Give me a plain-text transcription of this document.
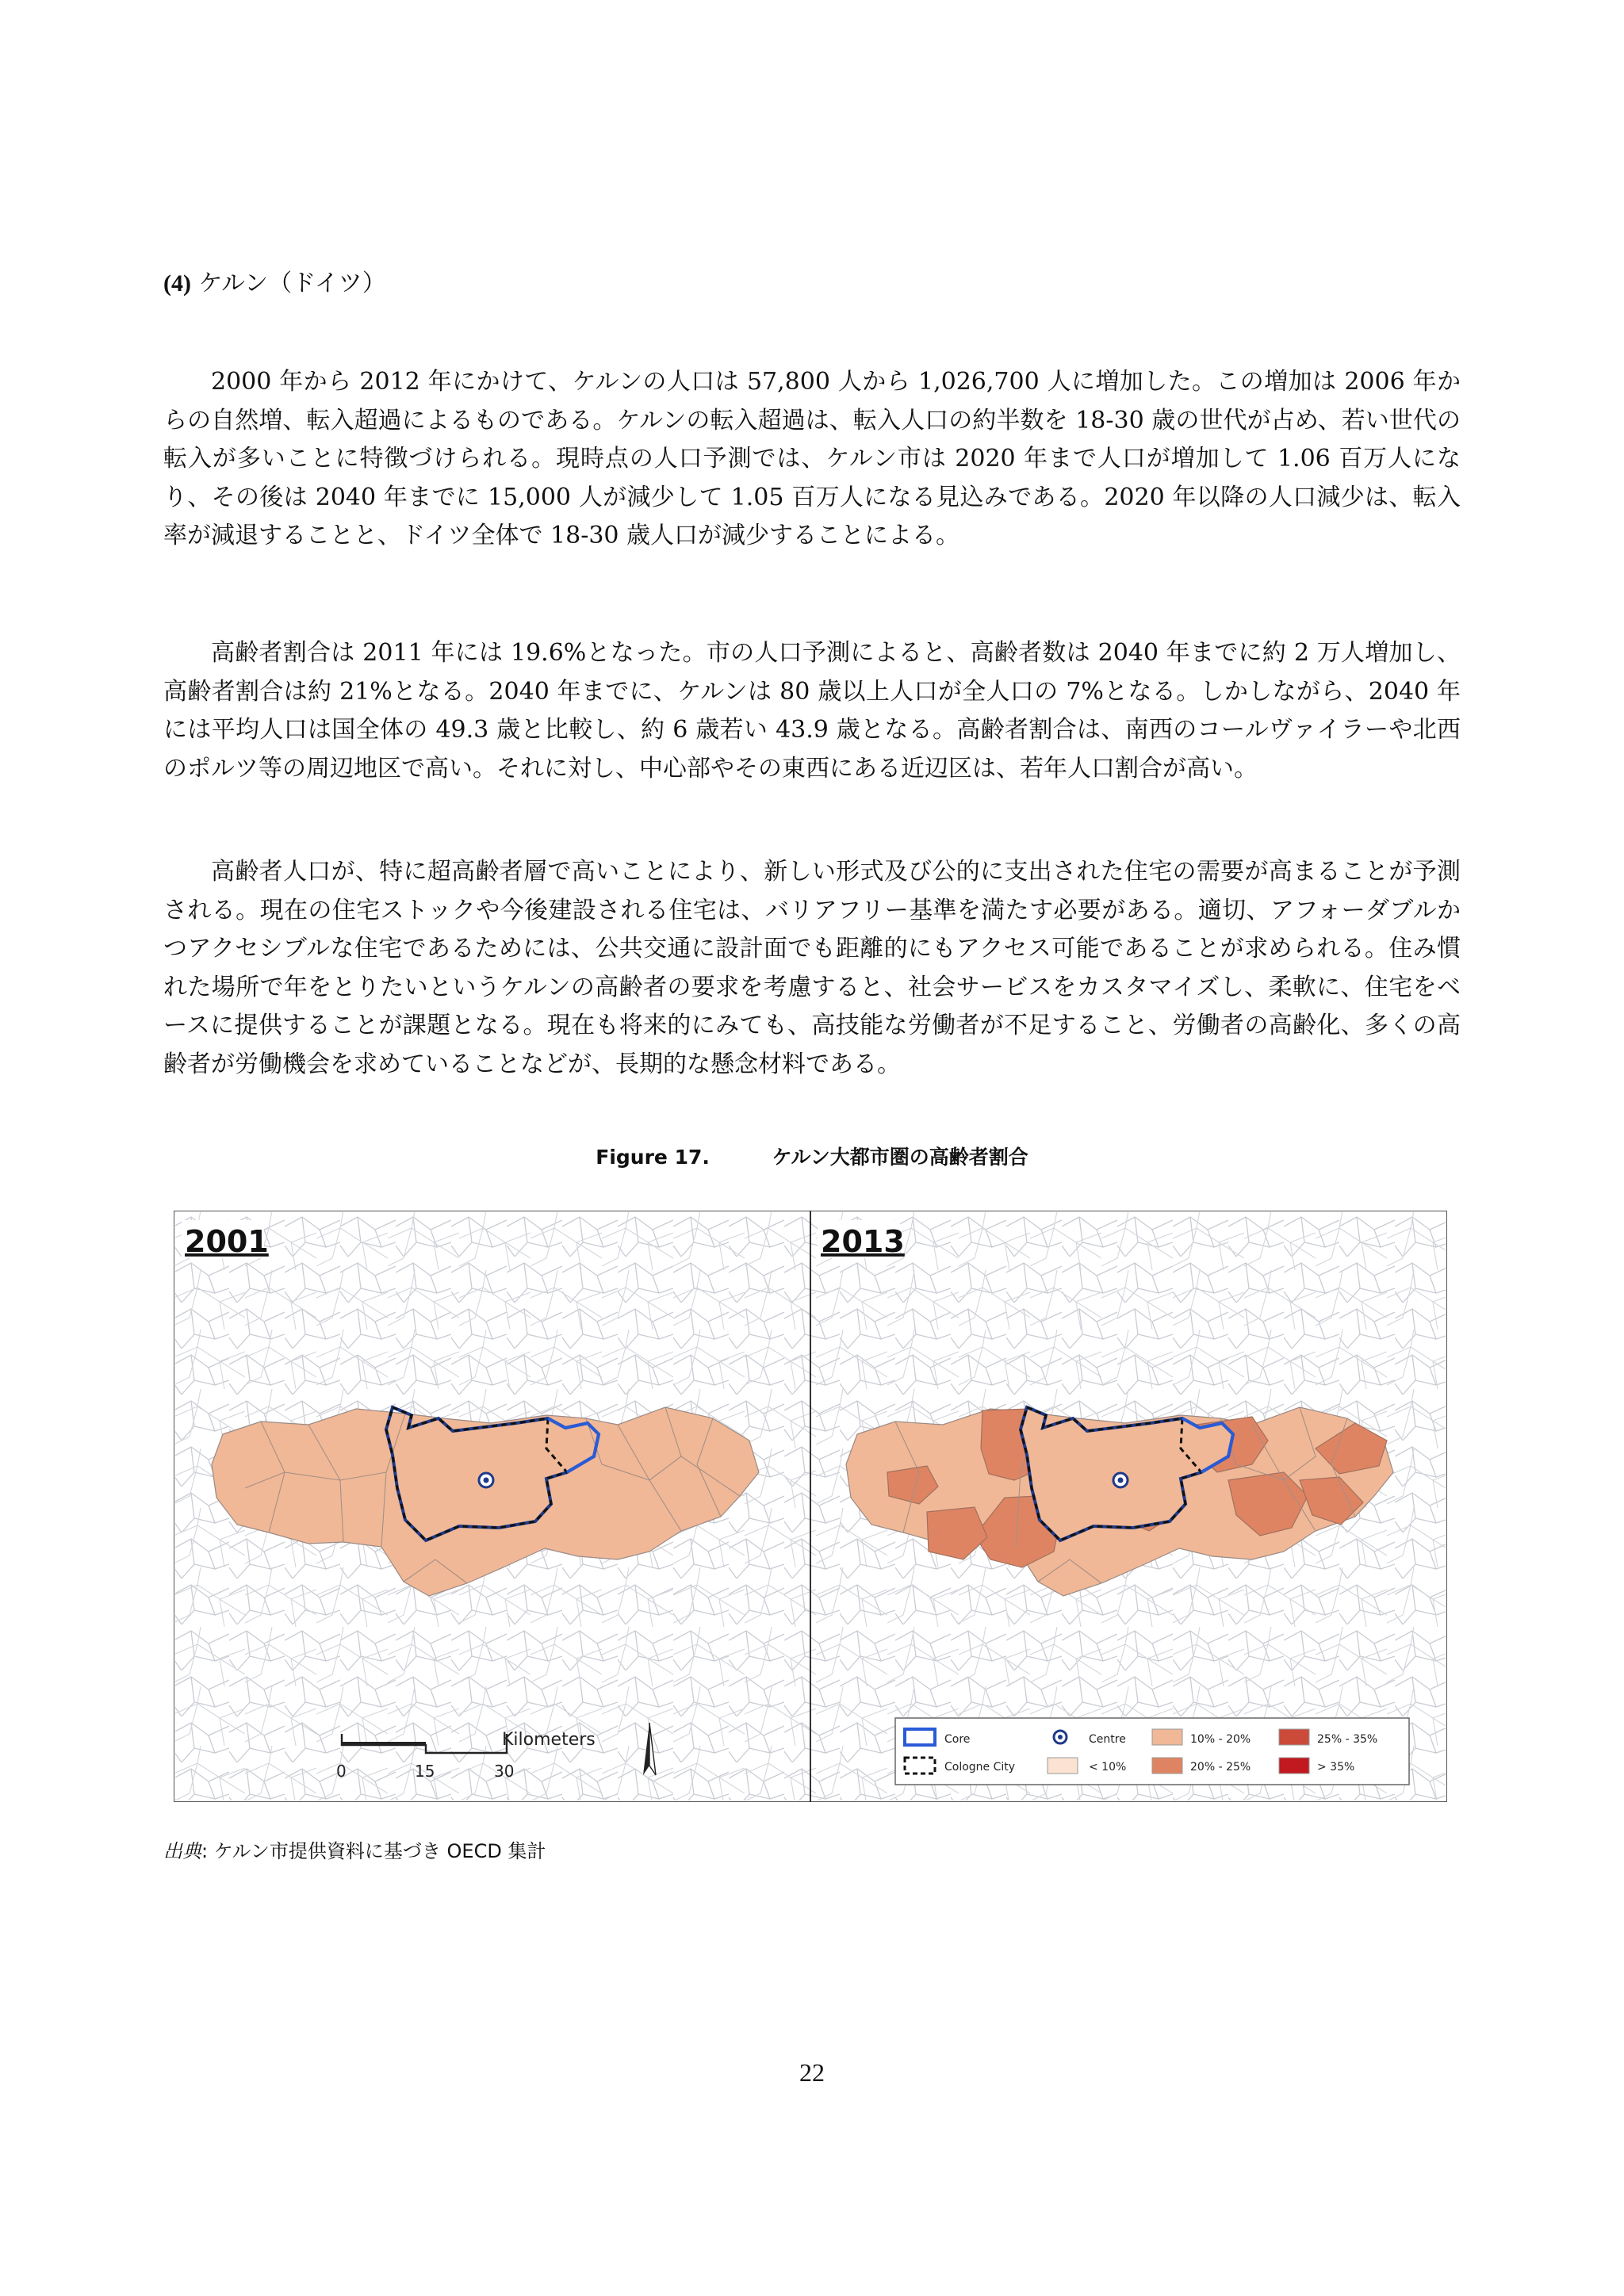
(4) ケルン（ドイツ）

2000 年から 2012 年にかけて、ケルンの人口は 57,800 人から 1,026,700 人に増加した。この増加は 2006 年からの自然増、転入超過によるものである。ケルンの転入超過は、転入人口の約半数を 18‐30 歳の世代が占め、若い世代の転入が多いことに特徴づけられる。現時点の人口予測では、ケルン市は 2020 年まで人口が増加して 1.06 百万人になり、その後は 2040 年までに 15,000 人が減少して 1.05 百万人になる見込みである。2020 年以降の人口減少は、転入率が減退することと、ドイツ全体で 18-30 歳人口が減少することによる。

高齢者割合は 2011 年には 19.6%となった。市の人口予測によると、高齢者数は 2040 年までに約 2 万人増加し、高齢者割合は約 21%となる。2040 年までに、ケルンは 80 歳以上人口が全人口の 7%となる。しかしながら、2040 年には平均人口は国全体の 49.3 歳と比較し、約 6 歳若い 43.9 歳となる。高齢者割合は、南西のコールヴァイラーや北西のポルツ等の周辺地区で高い。それに対し、中心部やその東西にある近辺区は、若年人口割合が高い。

高齢者人口が、特に超高齢者層で高いことにより、新しい形式及び公的に支出された住宅の需要が高まることが予測される。現在の住宅ストックや今後建設される住宅は、バリアフリー基準を満たす必要がある。適切、アフォーダブルかつアクセシブルな住宅であるためには、公共交通に設計面でも距離的にもアクセス可能であることが求められる。住み慣れた場所で年をとりたいというケルンの高齢者の要求を考慮すると、社会サービスをカスタマイズし、柔軟に、住宅をベースに提供することが課題となる。現在も将来的にみても、高技能な労働者が不足すること、労働者の高齢化、多くの高齢者が労働機会を求めていることなどが、長期的な懸念材料である。

Figure 17.	ケルン大都市圏の高齢者割合
2001
Kilometers
0	15	30
2013
Core
Cologne City
Centre
< 10%
10% - 20%
20% - 25%
25% - 35%
> 35%
出典: ケルン市提供資料に基づき OECD 集計
22
